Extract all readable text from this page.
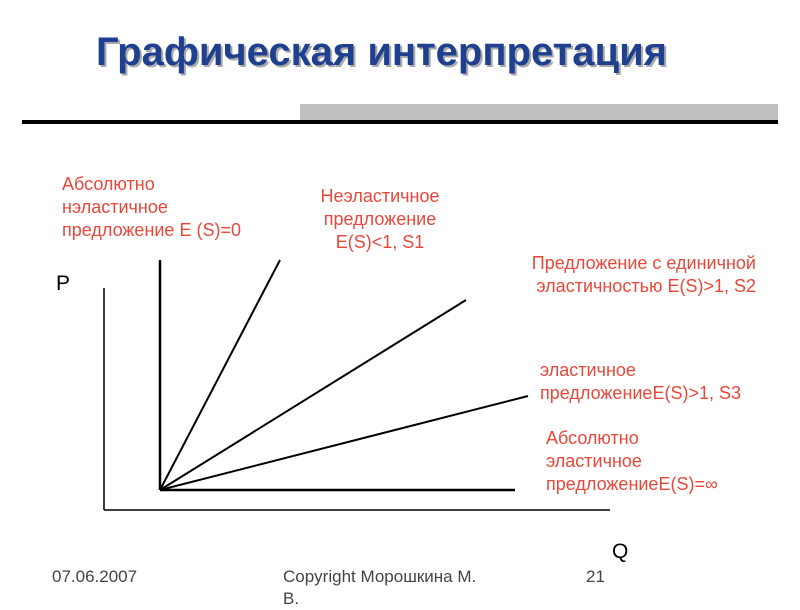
Графическая интерпретация
P
Q
Абсолютно
нэластичное
предложение E (S)=0
Неэластичное
предложение
E(S)<1, S1
Предложение с единичной
эластичностью E(S)>1, S2
эластичное
предложениеE(S)>1, S3
Абсолютно
эластичное
предложениеE(S)=∞
07.06.2007	Copyright Морошкина М.
В.
21
